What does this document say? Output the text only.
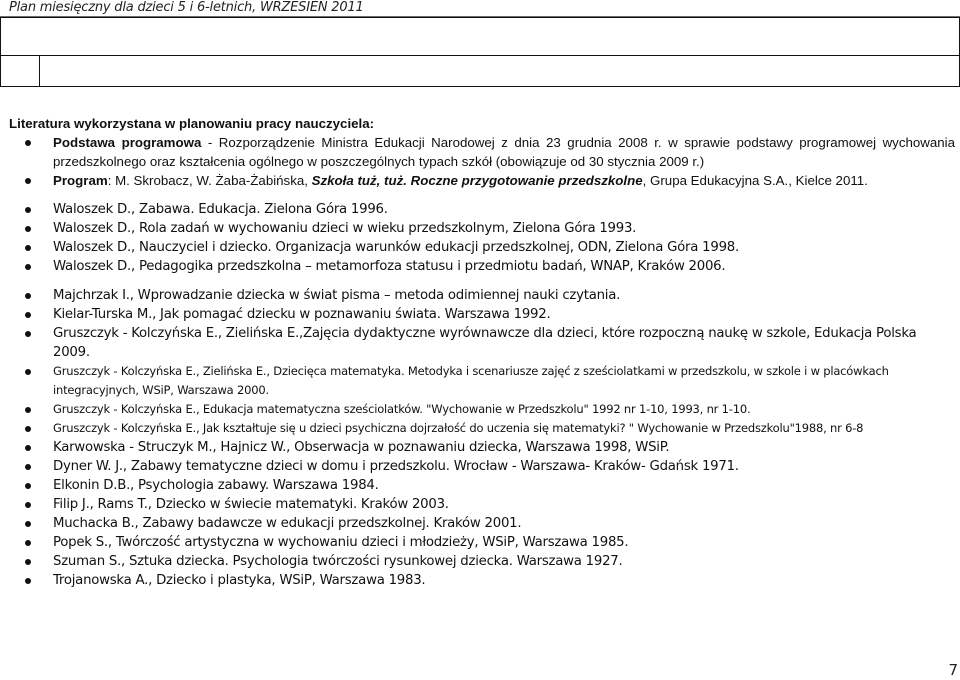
Plan miesięczny dla dzieci 5 i 6-letnich, WRZESIEŃ 2011

Literatura wykorzystana w planowaniu pracy nauczyciela:

Podstawa programowa - Rozporządzenie Ministra Edukacji Narodowej z dnia 23 grudnia 2008 r. w sprawie podstawy programowej wychowania przedszkolnego oraz kształcenia ogólnego w poszczególnych typach szkół (obowiązuje od 30 stycznia 2009 r.)
Program: M. Skrobacz, W. Żaba-Żabińska, Szkoła tuż, tuż. Roczne przygotowanie przedszkolne, Grupa Edukacyjna S.A., Kielce 2011.
Waloszek D., Zabawa. Edukacja. Zielona Góra 1996.
Waloszek D., Rola zadań w wychowaniu dzieci w wieku przedszkolnym, Zielona Góra 1993.
Waloszek D., Nauczyciel i dziecko. Organizacja warunków edukacji przedszkolnej, ODN, Zielona Góra 1998.
Waloszek D., Pedagogika przedszkolna – metamorfoza statusu i przedmiotu badań, WNAP, Kraków 2006.
Majchrzak I., Wprowadzanie dziecka w świat pisma – metoda odimiennej nauki czytania.
Kielar-Turska M., Jak pomagać dziecku w poznawaniu świata. Warszawa 1992.
Gruszczyk - Kolczyńska E., Zielińska E.,Zajęcia dydaktyczne wyrównawcze dla dzieci, które rozpoczną naukę w szkole, Edukacja Polska 2009.
Gruszczyk - Kolczyńska E., Zielińska E., Dziecięca matematyka. Metodyka i scenariusze zajęć z sześciolatkami w przedszkolu, w szkole i w placówkach integracyjnych, WSiP, Warszawa 2000.
Gruszczyk - Kolczyńska E., Edukacja matematyczna sześciolatków. "Wychowanie w Przedszkolu" 1992 nr 1-10, 1993, nr 1-10.
Gruszczyk - Kolczyńska E., Jak kształtuje się u dzieci psychiczna dojrzałość do uczenia się matematyki? " Wychowanie w Przedszkolu"1988, nr 6-8
Karwowska - Struczyk M., Hajnicz W., Obserwacja w poznawaniu dziecka, Warszawa 1998, WSiP.
Dyner W. J., Zabawy tematyczne dzieci w domu i przedszkolu. Wrocław - Warszawa- Kraków- Gdańsk 1971.
Elkonin D.B., Psychologia zabawy. Warszawa 1984.
Filip J., Rams T., Dziecko w świecie matematyki. Kraków 2003.
Muchacka B., Zabawy badawcze w edukacji przedszkolnej. Kraków 2001.
Popek S., Twórczość artystyczna w wychowaniu dzieci i młodzieży, WSiP, Warszawa 1985.
Szuman S., Sztuka dziecka. Psychologia twórczości rysunkowej dziecka. Warszawa 1927.
Trojanowska A., Dziecko i plastyka, WSiP, Warszawa 1983.
7
